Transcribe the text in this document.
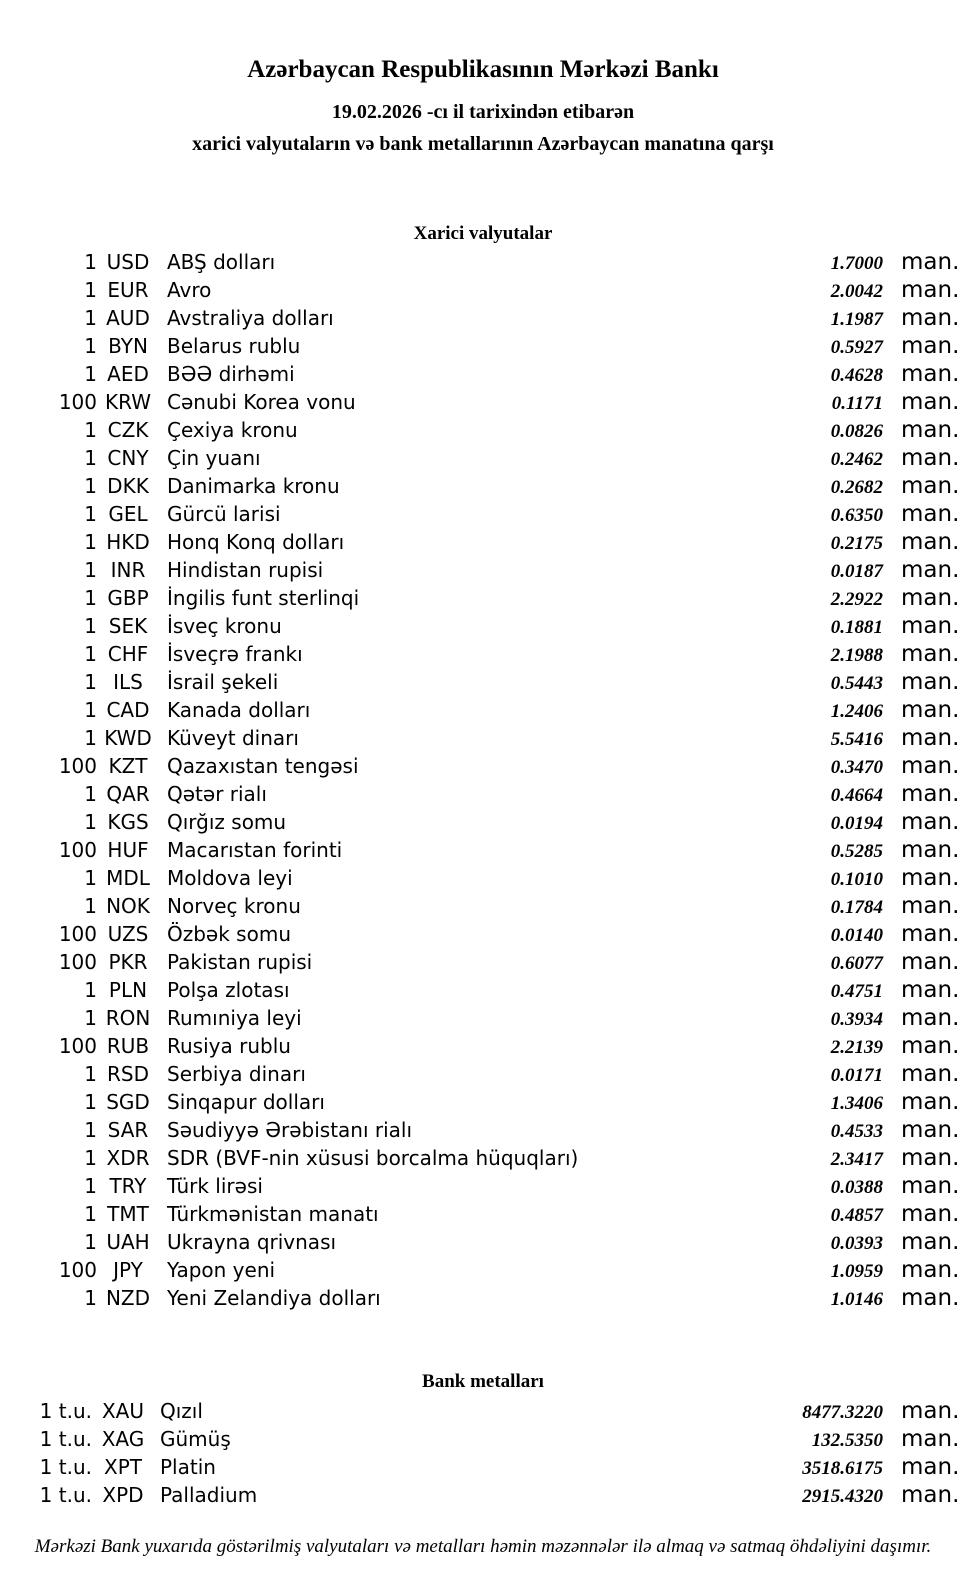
Azərbaycan Respublikasının Mərkəzi Bankı
19.02.2026 -cı il tarixindən etibarən
xarici valyutaların və bank metallarının Azərbaycan manatına qarşı
Xarici valyutalar
1 USD ABŞ dolları	1.7000 man.
1 EUR Avro	2.0042 man.
1 AUD Avstraliya dolları	1.1987 man.
1 BYN Belarus rublu	0.5927 man.
1 AED BƏƏ dirhəmi	0.4628 man.
100 KRW Cənubi Korea vonu	0.1171 man.
1 CZK Çexiya kronu	0.0826 man.
1 CNY Çin yuanı	0.2462 man.
1 DKK Danimarka kronu	0.2682 man.
1 GEL Gürcü larisi	0.6350 man.
1 HKD Honq Konq dolları	0.2175 man.
1 INR	Hindistan rupisi	0.0187 man.
1 GBP İngilis funt sterlinqi	2.2922 man.
1 SEK İsveç kronu	0.1881 man.
1 CHF İsveçrə frankı	2.1988 man.
1 ILS	İsrail şekeli	0.5443 man.
1 CAD Kanada dolları	1.2406 man.
1 KWD Küveyt dinarı	5.5416 man.
100 KZT Qazaxıstan tengəsi	0.3470 man.
1 QAR Qətər rialı	0.4664 man.
1 KGS Qırğız somu	0.0194 man.
100 HUF Macarıstan forinti	0.5285 man.
1 MDL Moldova leyi	0.1010 man.
1 NOK Norveç kronu	0.1784 man.
100 UZS Özbək somu	0.0140 man.
100 PKR Pakistan rupisi	0.6077 man.
1 PLN Polşa zlotası	0.4751 man.
1 RON Rumıniya leyi	0.3934 man.
100 RUB Rusiya rublu	2.2139 man.
1 RSD Serbiya dinarı	0.0171 man.
1 SGD Sinqapur dolları	1.3406 man.
1 SAR Səudiyyə Ərəbistanı rialı	0.4533 man.
1 XDR SDR (BVF-nin xüsusi borcalma hüquqları)	2.3417 man.
1 TRY	Türk lirəsi	0.0388 man.
1 TMT Türkmənistan manatı	0.4857 man.
1 UAH Ukrayna qrivnası	0.0393 man.
100 JPY	Yapon yeni	1.0959 man.
1 NZD Yeni Zelandiya dolları	1.0146 man.
Bank metalları
1 t.u. XAU Qızıl	8477.3220 man.
1 t.u. XAG Gümüş	132.5350 man.
1 t.u. XPT Platin	3518.6175 man.
1 t.u. XPD Palladium	2915.4320 man.
Mərkəzi Bank yuxarıda göstərilmiş valyutaları və metalları həmin məzənnələr ilə almaq və satmaq öhdəliyini daşımır.
